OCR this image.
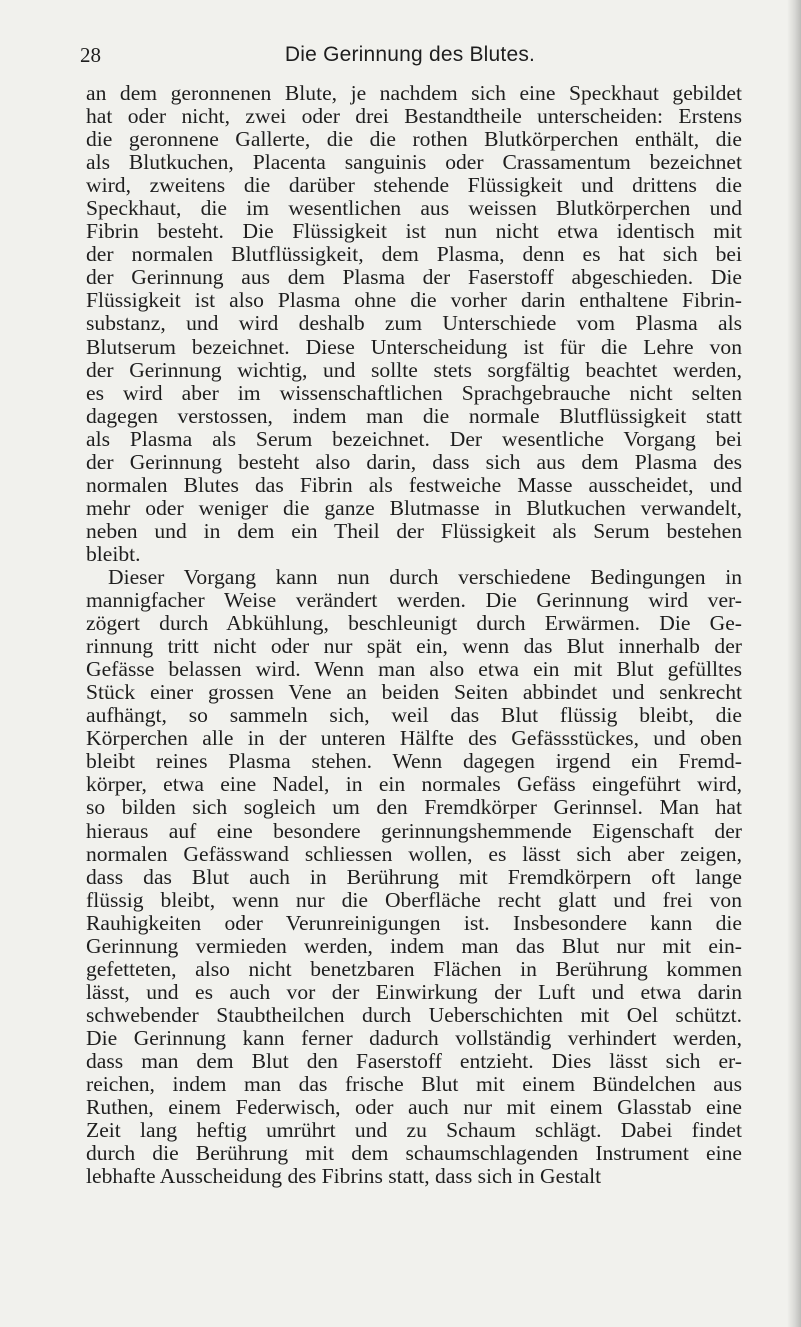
28	Die Gerinnung des Blutes.
an dem geronnenen Blute, je nachdem sich eine Speckhaut gebildet
hat oder nicht, zwei oder drei Bestandtheile unterscheiden: Erstens
die geronnene Gallerte, die die rothen Blutkörperchen enthält, die
als Blutkuchen, Placenta sanguinis oder Crassamentum bezeichnet
wird, zweitens die darüber stehende Flüssigkeit und drittens die
Speckhaut, die im wesentlichen aus weissen Blutkörperchen und
Fibrin besteht. Die Flüssigkeit ist nun nicht etwa identisch mit
der normalen Blutflüssigkeit, dem Plasma, denn es hat sich bei
der Gerinnung aus dem Plasma der Faserstoff abgeschieden. Die
Flüssigkeit ist also Plasma ohne die vorher darin enthaltene Fibrin-
substanz, und wird deshalb zum Unterschiede vom Plasma als
Blutserum bezeichnet. Diese Unterscheidung ist für die Lehre von
der Gerinnung wichtig, und sollte stets sorgfältig beachtet werden,
es wird aber im wissenschaftlichen Sprachgebrauche nicht selten
dagegen verstossen, indem man die normale Blutflüssigkeit statt
als Plasma als Serum bezeichnet. Der wesentliche Vorgang bei
der Gerinnung besteht also darin, dass sich aus dem Plasma des
normalen Blutes das Fibrin als festweiche Masse ausscheidet, und
mehr oder weniger die ganze Blutmasse in Blutkuchen verwandelt,
neben und in dem ein Theil der Flüssigkeit als Serum bestehen
bleibt.
Dieser Vorgang kann nun durch verschiedene Bedingungen in
mannigfacher Weise verändert werden. Die Gerinnung wird ver-
zögert durch Abkühlung, beschleunigt durch Erwärmen. Die Ge-
rinnung tritt nicht oder nur spät ein, wenn das Blut innerhalb der
Gefässe belassen wird. Wenn man also etwa ein mit Blut gefülltes
Stück einer grossen Vene an beiden Seiten abbindet und senkrecht
aufhängt, so sammeln sich, weil das Blut flüssig bleibt, die
Körperchen alle in der unteren Hälfte des Gefässstückes, und oben
bleibt reines Plasma stehen. Wenn dagegen irgend ein Fremd-
körper, etwa eine Nadel, in ein normales Gefäss eingeführt wird,
so bilden sich sogleich um den Fremdkörper Gerinnsel. Man hat
hieraus auf eine besondere gerinnungshemmende Eigenschaft der
normalen Gefässwand schliessen wollen, es lässt sich aber zeigen,
dass das Blut auch in Berührung mit Fremdkörpern oft lange
flüssig bleibt, wenn nur die Oberfläche recht glatt und frei von
Rauhigkeiten oder Verunreinigungen ist. Insbesondere kann die
Gerinnung vermieden werden, indem man das Blut nur mit ein-
gefetteten, also nicht benetzbaren Flächen in Berührung kommen
lässt, und es auch vor der Einwirkung der Luft und etwa darin
schwebender Staubtheilchen durch Ueberschichten mit Oel schützt.
Die Gerinnung kann ferner dadurch vollständig verhindert werden,
dass man dem Blut den Faserstoff entzieht. Dies lässt sich er-
reichen, indem man das frische Blut mit einem Bündelchen aus
Ruthen, einem Federwisch, oder auch nur mit einem Glasstab eine
Zeit lang heftig umrührt und zu Schaum schlägt. Dabei findet
durch die Berührung mit dem schaumschlagenden Instrument eine
lebhafte Ausscheidung des Fibrins statt, dass sich in Gestalt
